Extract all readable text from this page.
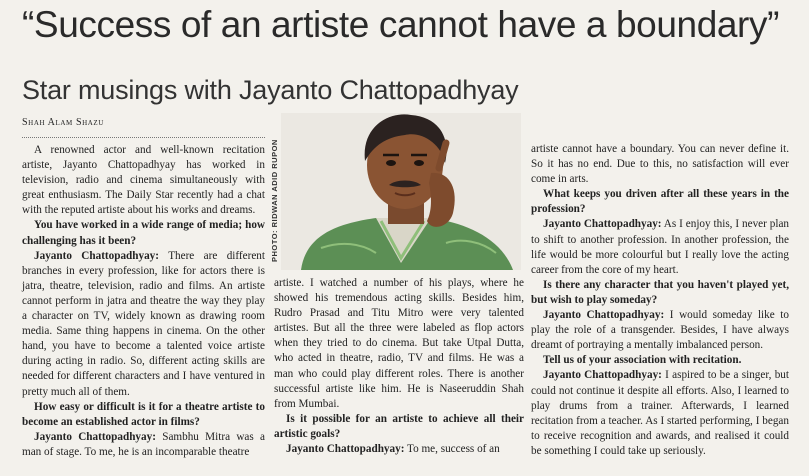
“Success of an artiste cannot have a boundary”
Star musings with Jayanto Chattopadhyay
Shah Alam Shazu

A renowned actor and well-known recitation artiste, Jayanto Chattopadhyay has worked in television, radio and cinema simultaneously with great enthusiasm. The Daily Star recently had a chat with the reputed artiste about his works and dreams.

You have worked in a wide range of media; how challenging has it been?

Jayanto Chattopadhyay: There are different branches in every profession, like for actors there is jatra, theatre, television, radio and films. An artiste cannot perform in jatra and theatre the way they play a character on TV, widely known as drawing room media. Same thing happens in cinema. On the other hand, you have to become a talented voice artiste during acting in radio. So, different acting skills are needed for different characters and I have ventured in pretty much all of them.

How easy or difficult is it for a theatre artiste to become an established actor in films?

Jayanto Chattopadhyay: Sambhu Mitra was a man of stage. To me, he is an incomparable theatre

PHOTO: RIDWAN ADID RUPON

artiste. I watched a number of his plays, where he showed his tremendous acting skills. Besides him, Rudro Prasad and Titu Mitro were very talented artistes. But all the three were labeled as flop actors when they tried to do cinema. But take Utpal Dutta, who acted in theatre, radio, TV and films. He was a man who could play different roles. There is another successful artiste like him. He is Naseeruddin Shah from Mumbai.

Is it possible for an artiste to achieve all their artistic goals?

Jayanto Chattopadhyay: To me, success of an

artiste cannot have a boundary. You can never define it. So it has no end. Due to this, no satisfaction will ever come in arts.

What keeps you driven after all these years in the profession?

Jayanto Chattopadhyay: As I enjoy this, I never plan to shift to another profession. In another profession, the life would be more colourful but I really love the acting career from the core of my heart.

Is there any character that you haven't played yet, but wish to play someday?

Jayanto Chattopadhyay: I would someday like to play the role of a transgender. Besides, I have always dreamt of portraying a mentally imbalanced person.

Tell us of your association with recitation.

Jayanto Chattopadhyay: I aspired to be a singer, but could not continue it despite all efforts. Also, I learned to play drums from a trainer. Afterwards, I learned recitation from a teacher. As I started performing, I began to receive recognition and awards, and realised it could be something I could take up seriously.
